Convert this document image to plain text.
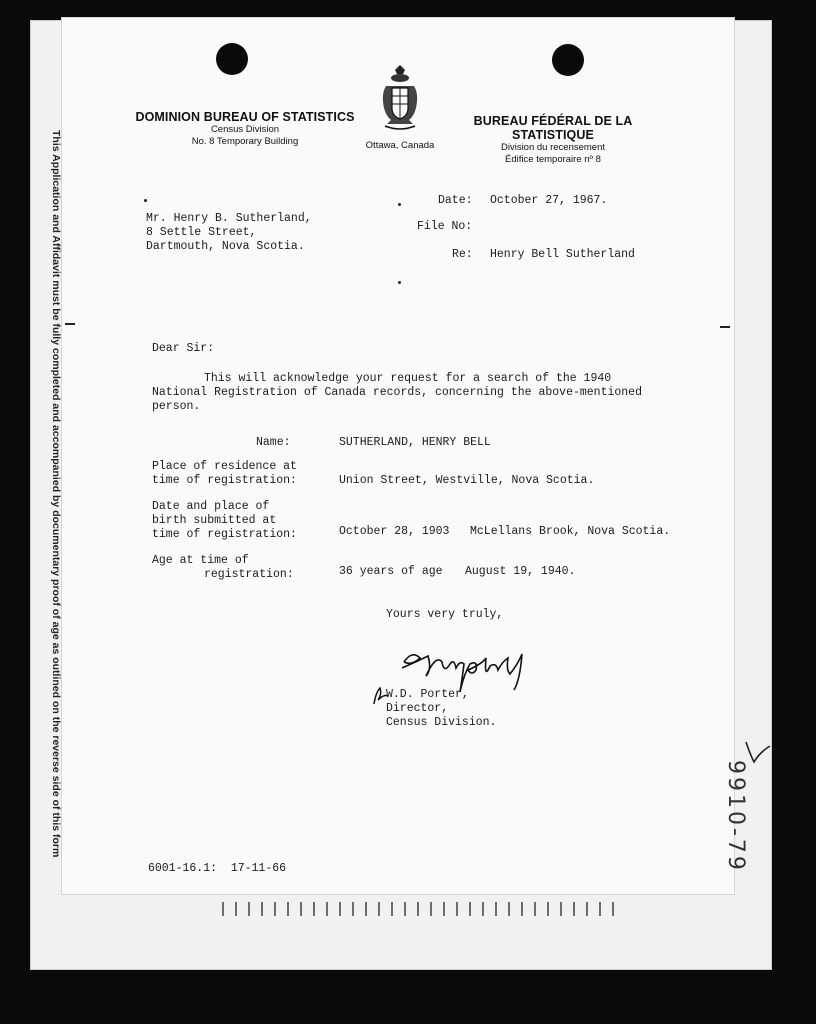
This Application and Affidavit must be fully completed and accompanied by documentary proof of age as outlined on the reverse side of this form
DOMINION BUREAU OF STATISTICS
Census Division
No. 8 Temporary Building	Ottawa, Canada
BUREAU FÉDÉRAL DE LA STATISTIQUE
Division du recensement
Édifice temporaire nº 8
Date: October 27, 1967.
File No:
Re: Henry Bell Sutherland
Mr. Henry B. Sutherland,
8 Settle Street,
Dartmouth, Nova Scotia.
Dear Sir:
This will acknowledge your request for a search of the 1940
National Registration of Canada records, concerning the above-mentioned
person.
Name:	SUTHERLAND, HENRY BELL
Place of residence at
time of registration:	Union Street, Westville, Nova Scotia.
Date and place of
birth submitted at
time of registration:	October 28, 1903 McLellans Brook, Nova Scotia.
Age at time of
registration:	36 years of age August 19, 1940.
Yours very truly,
W.D. Porter,
Director,
Census Division.
6001-16.1:  17-11-66	9910-79
